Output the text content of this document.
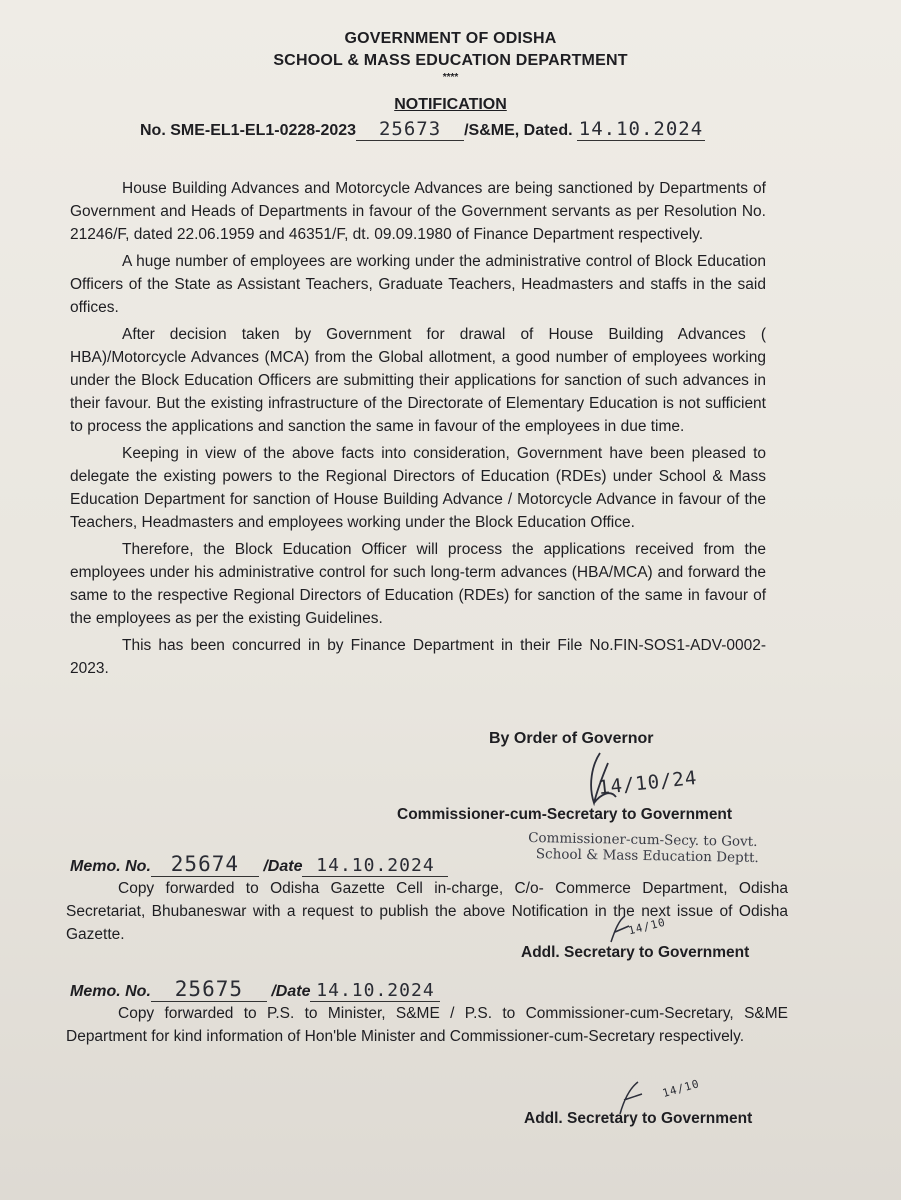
GOVERNMENT OF ODISHA
SCHOOL & MASS EDUCATION DEPARTMENT
****
NOTIFICATION
No. SME-EL1-EL1-0228-2023 25673 /S&ME, Dated. 14.10.2024

House Building Advances and Motorcycle Advances are being sanctioned by Departments of Government and Heads of Departments in favour of the Government servants as per Resolution No. 21246/F, dated 22.06.1959 and 46351/F, dt. 09.09.1980 of Finance Department respectively.

A huge number of employees are working under the administrative control of Block Education Officers of the State as Assistant Teachers, Graduate Teachers, Headmasters and staffs in the said offices.

After decision taken by Government for drawal of House Building Advances ( HBA)/Motorcycle Advances (MCA) from the Global allotment, a good number of employees working under the Block Education Officers are submitting their applications for sanction of such advances in their favour. But the existing infrastructure of the Directorate of Elementary Education is not sufficient to process the applications and sanction the same in favour of the employees in due time.

Keeping in view of the above facts into consideration, Government have been pleased to delegate the existing powers to the Regional Directors of Education (RDEs) under School & Mass Education Department for sanction of House Building Advance / Motorcycle Advance in favour of the Teachers, Headmasters and employees working under the Block Education Office.

Therefore, the Block Education Officer will process the applications received from the employees under his administrative control for such long-term advances (HBA/MCA) and forward the same to the respective Regional Directors of Education (RDEs) for sanction of the same in favour of the employees as per the existing Guidelines.

This has been concurred in by Finance Department in their File No.FIN-SOS1-ADV-0002-2023.

By Order of Governor
14/10/24
Commissioner-cum-Secretary to Government
Commissioner-cum-Secy. to Govt.
School & Mass Education Deptt.
Memo. No. 25674 /Date 14.10.2024

Copy forwarded to Odisha Gazette Cell in-charge, C/o- Commerce Department, Odisha Secretariat, Bhubaneswar with a request to publish the above Notification in the next issue of Odisha Gazette.	14/10
Addl. Secretary to Government
Memo. No. 25675 /Date 14.10.2024

Copy forwarded to P.S. to Minister, S&ME / P.S. to Commissioner-cum-Secretary, S&ME Department for kind information of Hon'ble Minister and Commissioner-cum-Secretary respectively.

14/10
Addl. Secretary to Government
